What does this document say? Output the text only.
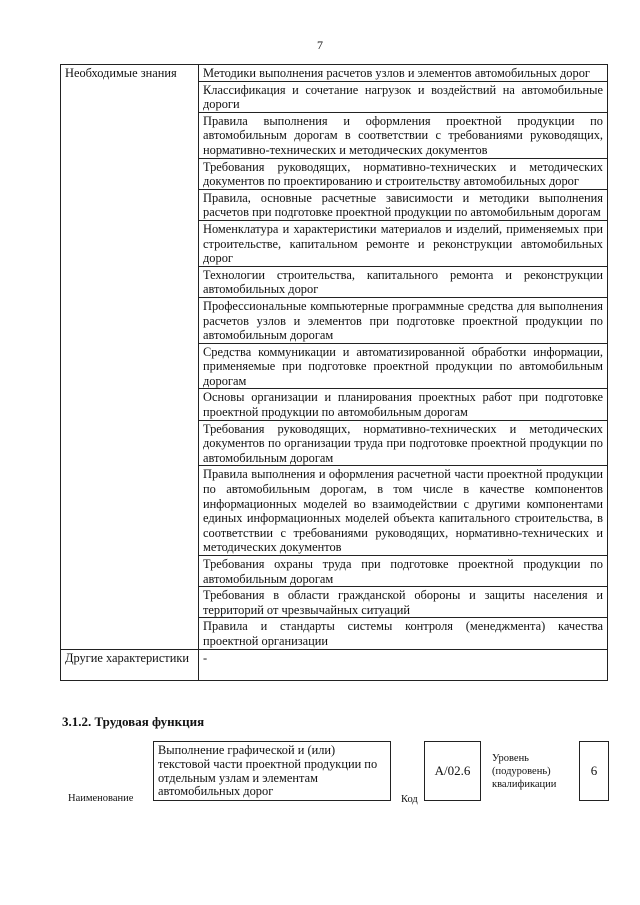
7
Необходимые знания	Методики выполнения расчетов узлов и элементов автомобильных дорог
	Классификация и сочетание нагрузок и воздействий на автомобильные дороги
	Правила выполнения и оформления проектной продукции по автомобильным дорогам в соответствии с требованиями руководящих, нормативно-технических и методических документов
	Требования руководящих, нормативно-технических и методических документов по проектированию и строительству автомобильных дорог
	Правила, основные расчетные зависимости и методики выполнения расчетов при подготовке проектной продукции по автомобильным дорогам
	Номенклатура и характеристики материалов и изделий, применяемых при строительстве, капитальном ремонте и реконструкции автомобильных дорог
	Технологии строительства, капитального ремонта и реконструкции автомобильных дорог
	Профессиональные компьютерные программные средства для выполнения расчетов узлов и элементов при подготовке проектной продукции по автомобильным дорогам
	Средства коммуникации и автоматизированной обработки информации, применяемые при подготовке проектной продукции по автомобильным дорогам
	Основы организации и планирования проектных работ при подготовке проектной продукции по автомобильным дорогам
	Требования руководящих, нормативно-технических и методических документов по организации труда при подготовке проектной продукции по автомобильным дорогам
	Правила выполнения и оформления расчетной части проектной продукции по автомобильным дорогам, в том числе в качестве компонентов информационных моделей во взаимодействии с другими компонентами единых информационных моделей объекта капитального строительства, в соответствии с требованиями руководящих, нормативно-технических и методических документов
	Требования охраны труда при подготовке проектной продукции по автомобильным дорогам
	Требования в области гражданской обороны и защиты населения и территорий от чрезвычайных ситуаций
	Правила и стандарты системы контроля (менеджмента) качества проектной организации
Другие характеристики	-
3.1.2. Трудовая функция
Наименование
Выполнение графической и (или) текстовой части проектной продукции по отдельным узлам и элементам автомобильных дорог
Код
А/02.6
Уровень (подуровень) квалификации
6
